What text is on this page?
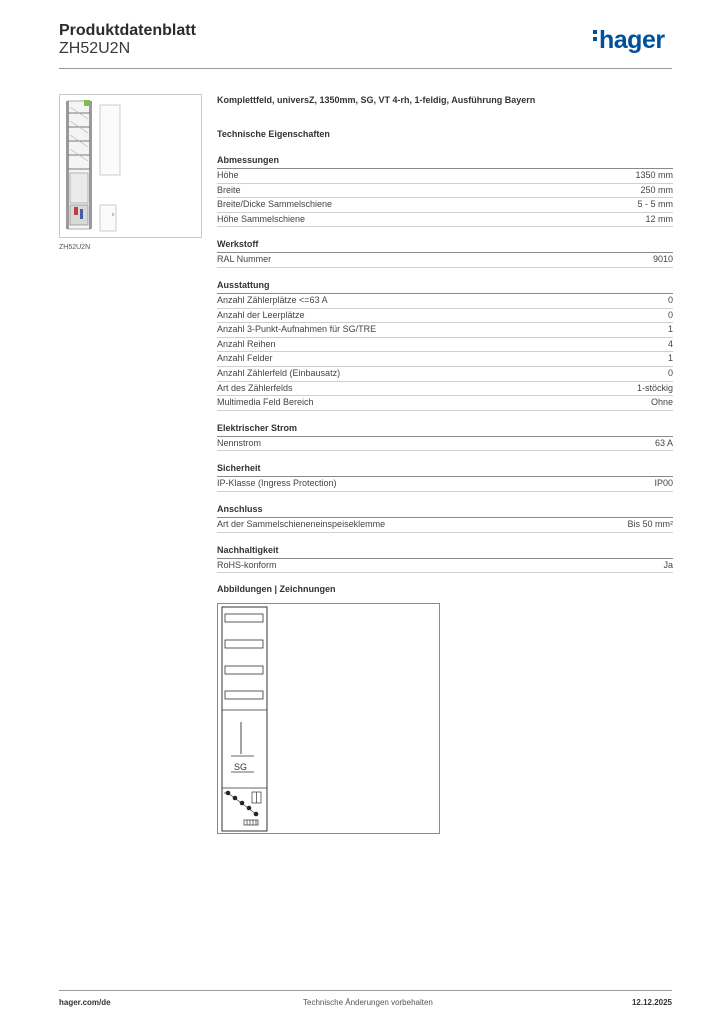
Produktdatenblatt
ZH52U2N	hager
ZH52U2N
Komplettfeld, universZ, 1350mm, SG, VT 4-rh, 1-feldig, Ausführung Bayern
Technische Eigenschaften
Abmessungen
Höhe	1350 mm
Breite	250 mm
Breite/Dicke Sammelschiene	5 - 5 mm
Höhe Sammelschiene	12 mm
Werkstoff
RAL Nummer	9010
Ausstattung
Anzahl Zählerplätze <=63 A	0
Anzahl der Leerplätze	0
Anzahl 3-Punkt-Aufnahmen für SG/TRE	1
Anzahl Reihen	4
Anzahl Felder	1
Anzahl Zählerfeld (Einbausatz)	0
Art des Zählerfelds	1-stöckig
Multimedia Feld Bereich	Ohne
Elektrischer Strom
Nennstrom	63 A
Sicherheit
IP-Klasse (Ingress Protection)	IP00
Anschluss
Art der Sammelschieneneinspeiseklemme	Bis 50 mm²
Nachhaltigkeit
RoHS-konform	Ja
Abbildungen | Zeichnungen
SG
hager.com/de	Technische Änderungen vorbehalten	12.12.2025
